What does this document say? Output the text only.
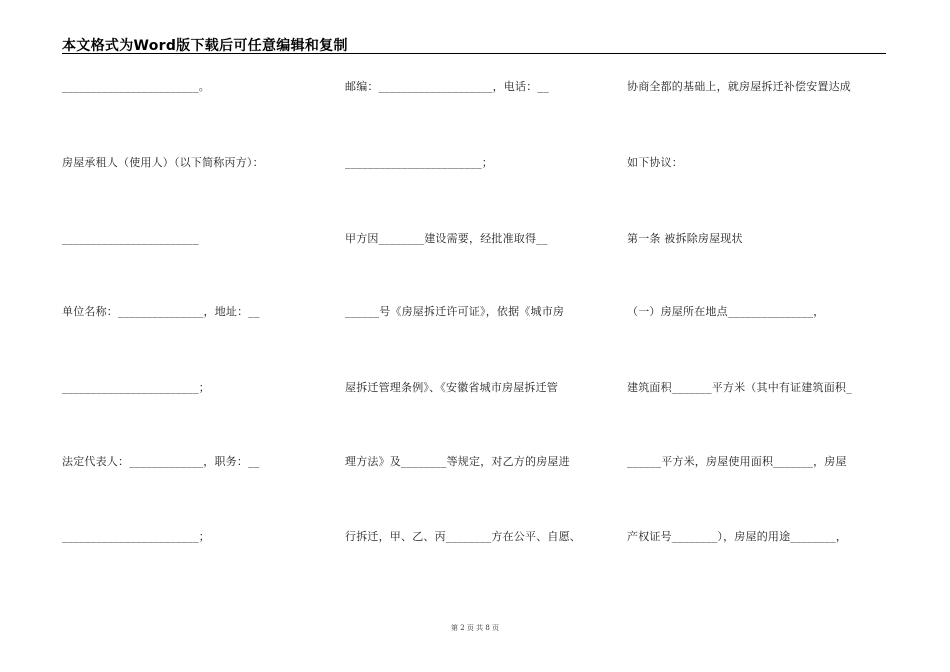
本文格式为Word版下载后可任意编辑和复制
________________________。
房屋承租人（使用人）（以下简称丙方）：
________________________
单位名称：_______________，地址：__
________________________；
法定代表人：_____________，职务：__
________________________；
邮编：____________________，电话：__
________________________；
甲方因________建设需要，经批准取得__
______号《房屋拆迁许可证》，依据《城市房
屋拆迁管理条例》、《安徽省城市房屋拆迁管
理方法》及________等规定，对乙方的房屋进
行拆迁，甲、乙、丙________方在公平、自愿、
协商全都的基础上，就房屋拆迁补偿安置达成
如下协议：
第一条 被拆除房屋现状
（一）房屋所在地点_______________，
建筑面积_______平方米（其中有证建筑面积_
______平方米，房屋使用面积_______，房屋
产权证号________），房屋的用途________，
第 2 页 共 8 页
